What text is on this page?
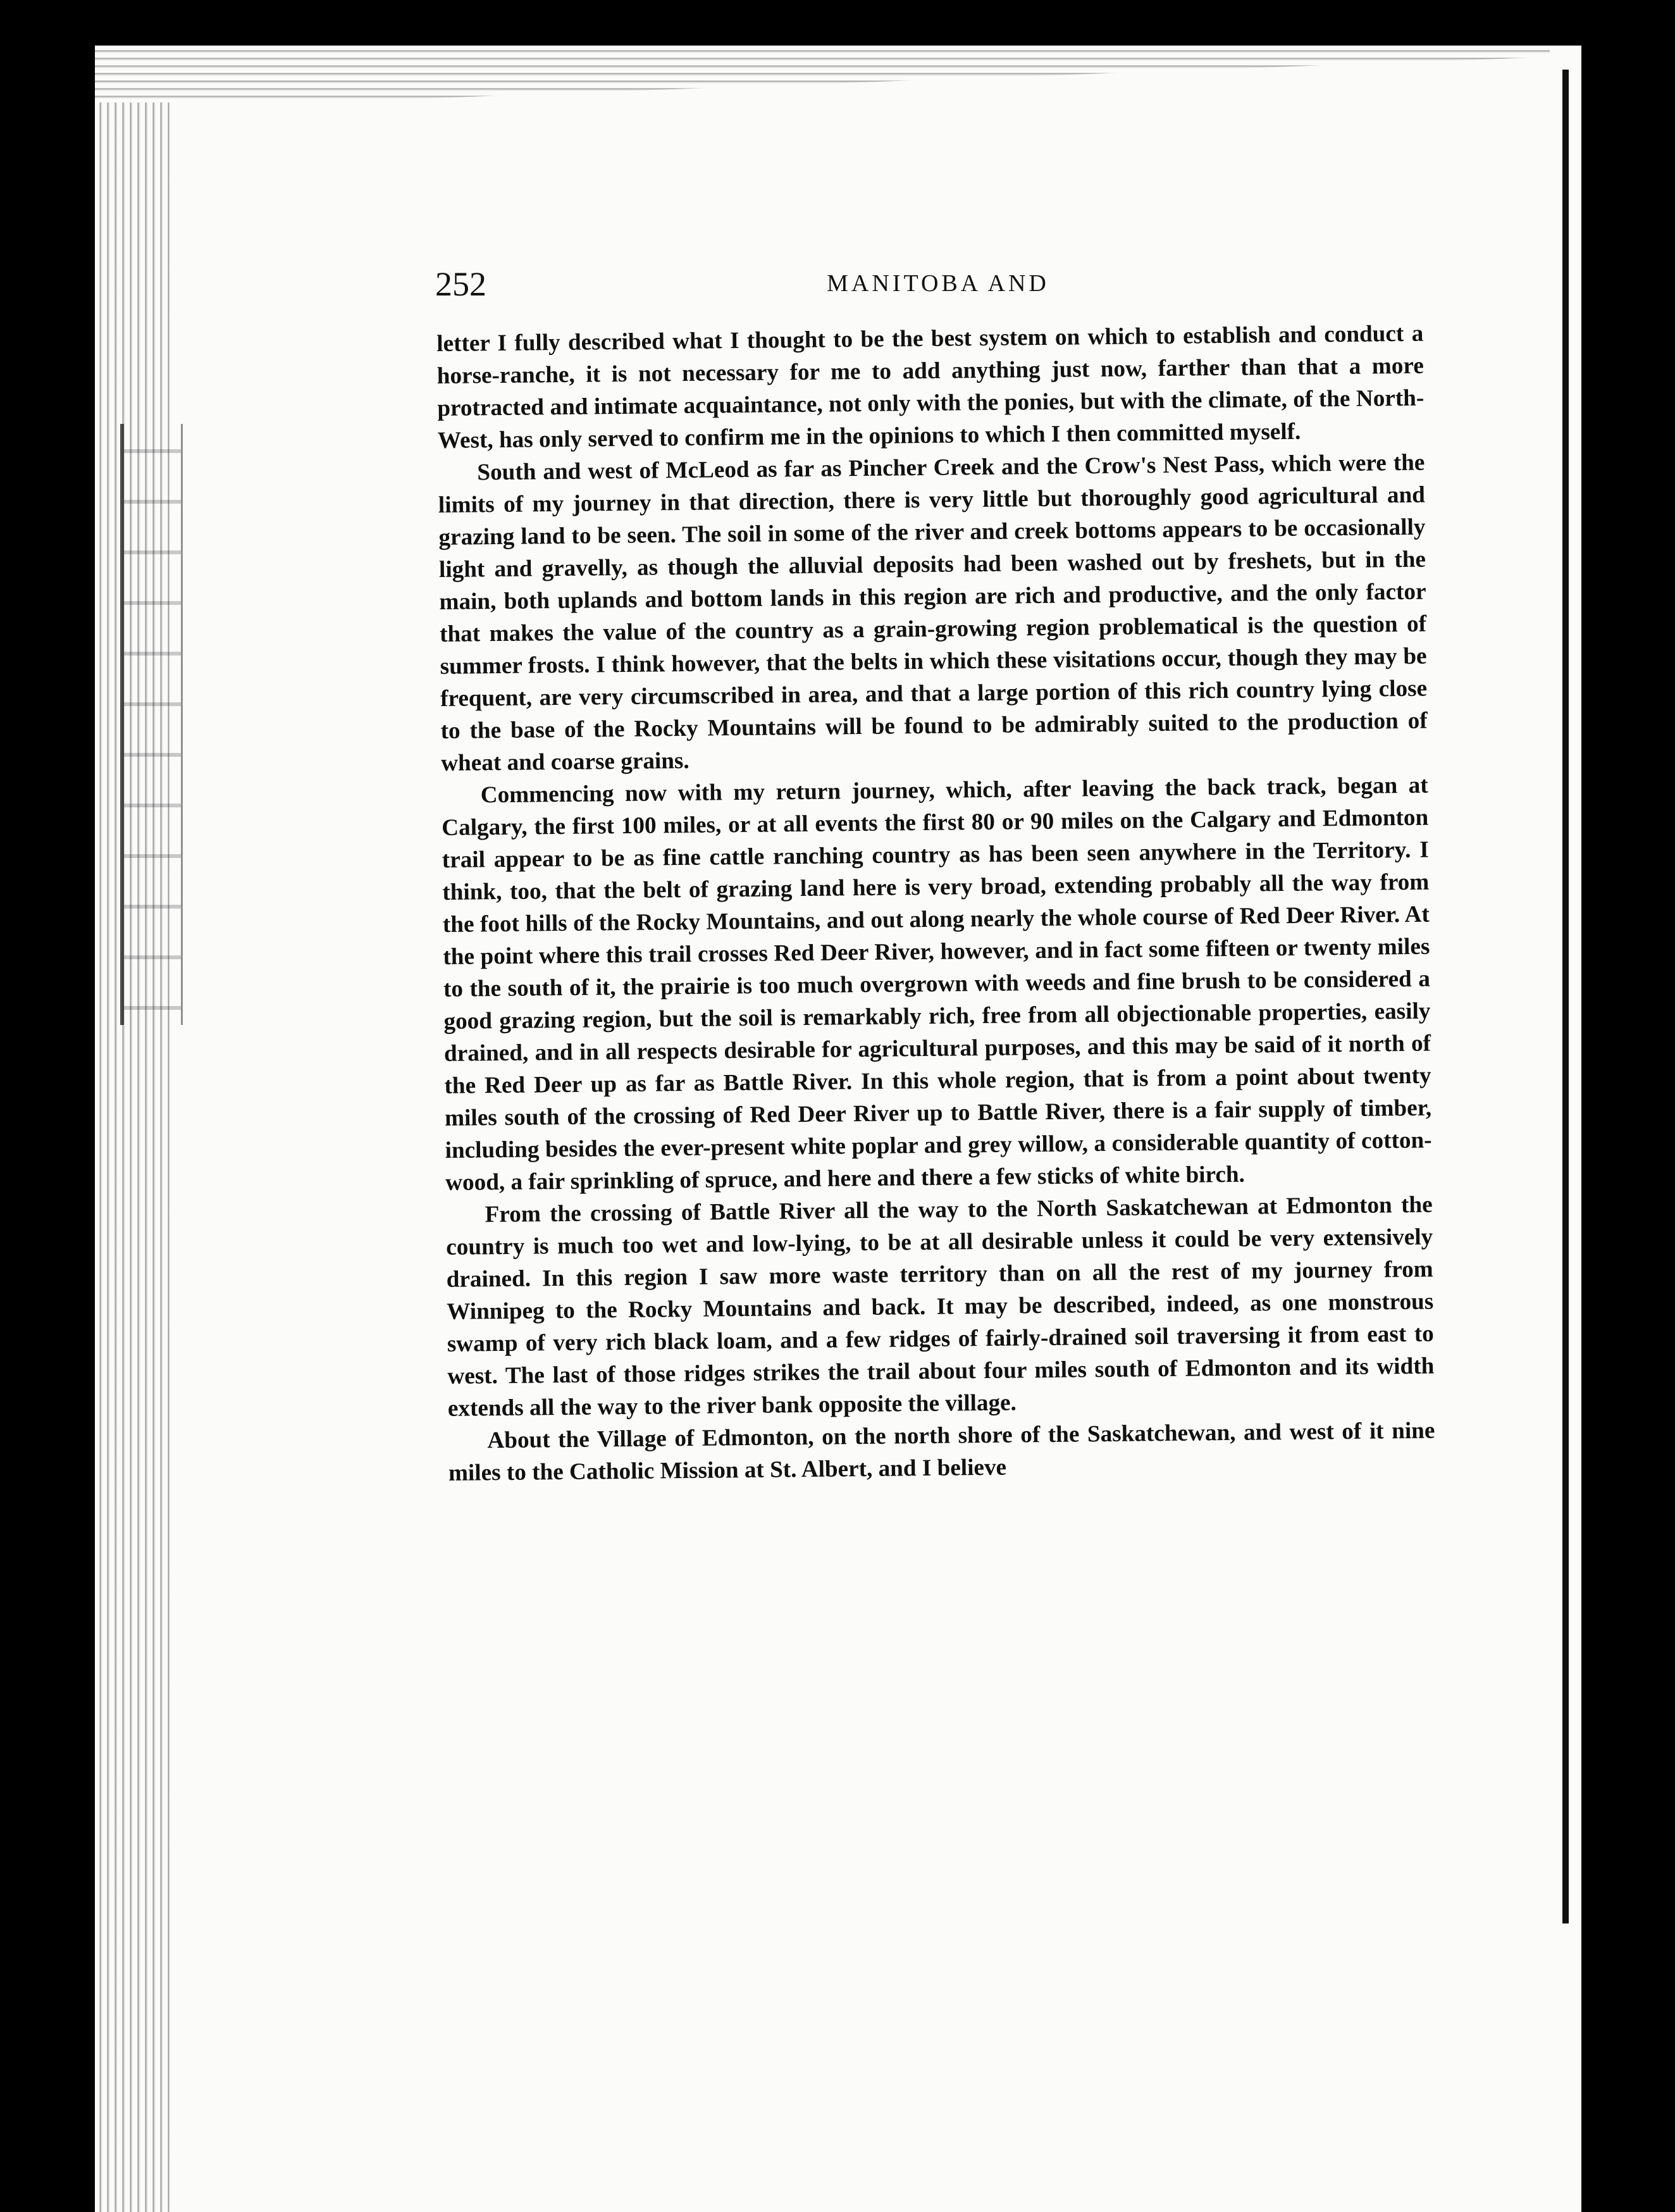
252	MANITOBA AND

letter I fully described what I thought to be the best system on which to establish and conduct a horse-ranche, it is not necessary for me to add anything just now, farther than that a more protracted and intimate acquaintance, not only with the ponies, but with the climate, of the North-West, has only served to confirm me in the opinions to which I then committed myself.

South and west of McLeod as far as Pincher Creek and the Crow's Nest Pass, which were the limits of my journey in that direction, there is very little but thoroughly good agricultural and grazing land to be seen. The soil in some of the river and creek bottoms appears to be occasionally light and gravelly, as though the alluvial deposits had been washed out by freshets, but in the main, both uplands and bottom lands in this region are rich and productive, and the only factor that makes the value of the country as a grain-growing region problematical is the question of summer frosts. I think however, that the belts in which these visitations occur, though they may be frequent, are very circumscribed in area, and that a large portion of this rich country lying close to the base of the Rocky Mountains will be found to be admirably suited to the production of wheat and coarse grains.

Commencing now with my return journey, which, after leaving the back track, began at Calgary, the first 100 miles, or at all events the first 80 or 90 miles on the Calgary and Edmonton trail appear to be as fine cattle ranching country as has been seen anywhere in the Territory. I think, too, that the belt of grazing land here is very broad, extending probably all the way from the foot hills of the Rocky Mountains, and out along nearly the whole course of Red Deer River. At the point where this trail crosses Red Deer River, however, and in fact some fifteen or twenty miles to the south of it, the prairie is too much overgrown with weeds and fine brush to be considered a good grazing region, but the soil is remarkably rich, free from all objectionable properties, easily drained, and in all respects desirable for agricultural purposes, and this may be said of it north of the Red Deer up as far as Battle River. In this whole region, that is from a point about twenty miles south of the crossing of Red Deer River up to Battle River, there is a fair supply of timber, including besides the ever-present white poplar and grey willow, a considerable quantity of cotton-wood, a fair sprinkling of spruce, and here and there a few sticks of white birch.

From the crossing of Battle River all the way to the North Saskatchewan at Edmonton the country is much too wet and low-lying, to be at all desirable unless it could be very extensively drained. In this region I saw more waste territory than on all the rest of my journey from Winnipeg to the Rocky Mountains and back. It may be described, indeed, as one monstrous swamp of very rich black loam, and a few ridges of fairly-drained soil traversing it from east to west. The last of those ridges strikes the trail about four miles south of Edmonton and its width extends all the way to the river bank opposite the village.

About the Village of Edmonton, on the north shore of the Saskatchewan, and west of it nine miles to the Catholic Mission at St. Albert, and I believe
